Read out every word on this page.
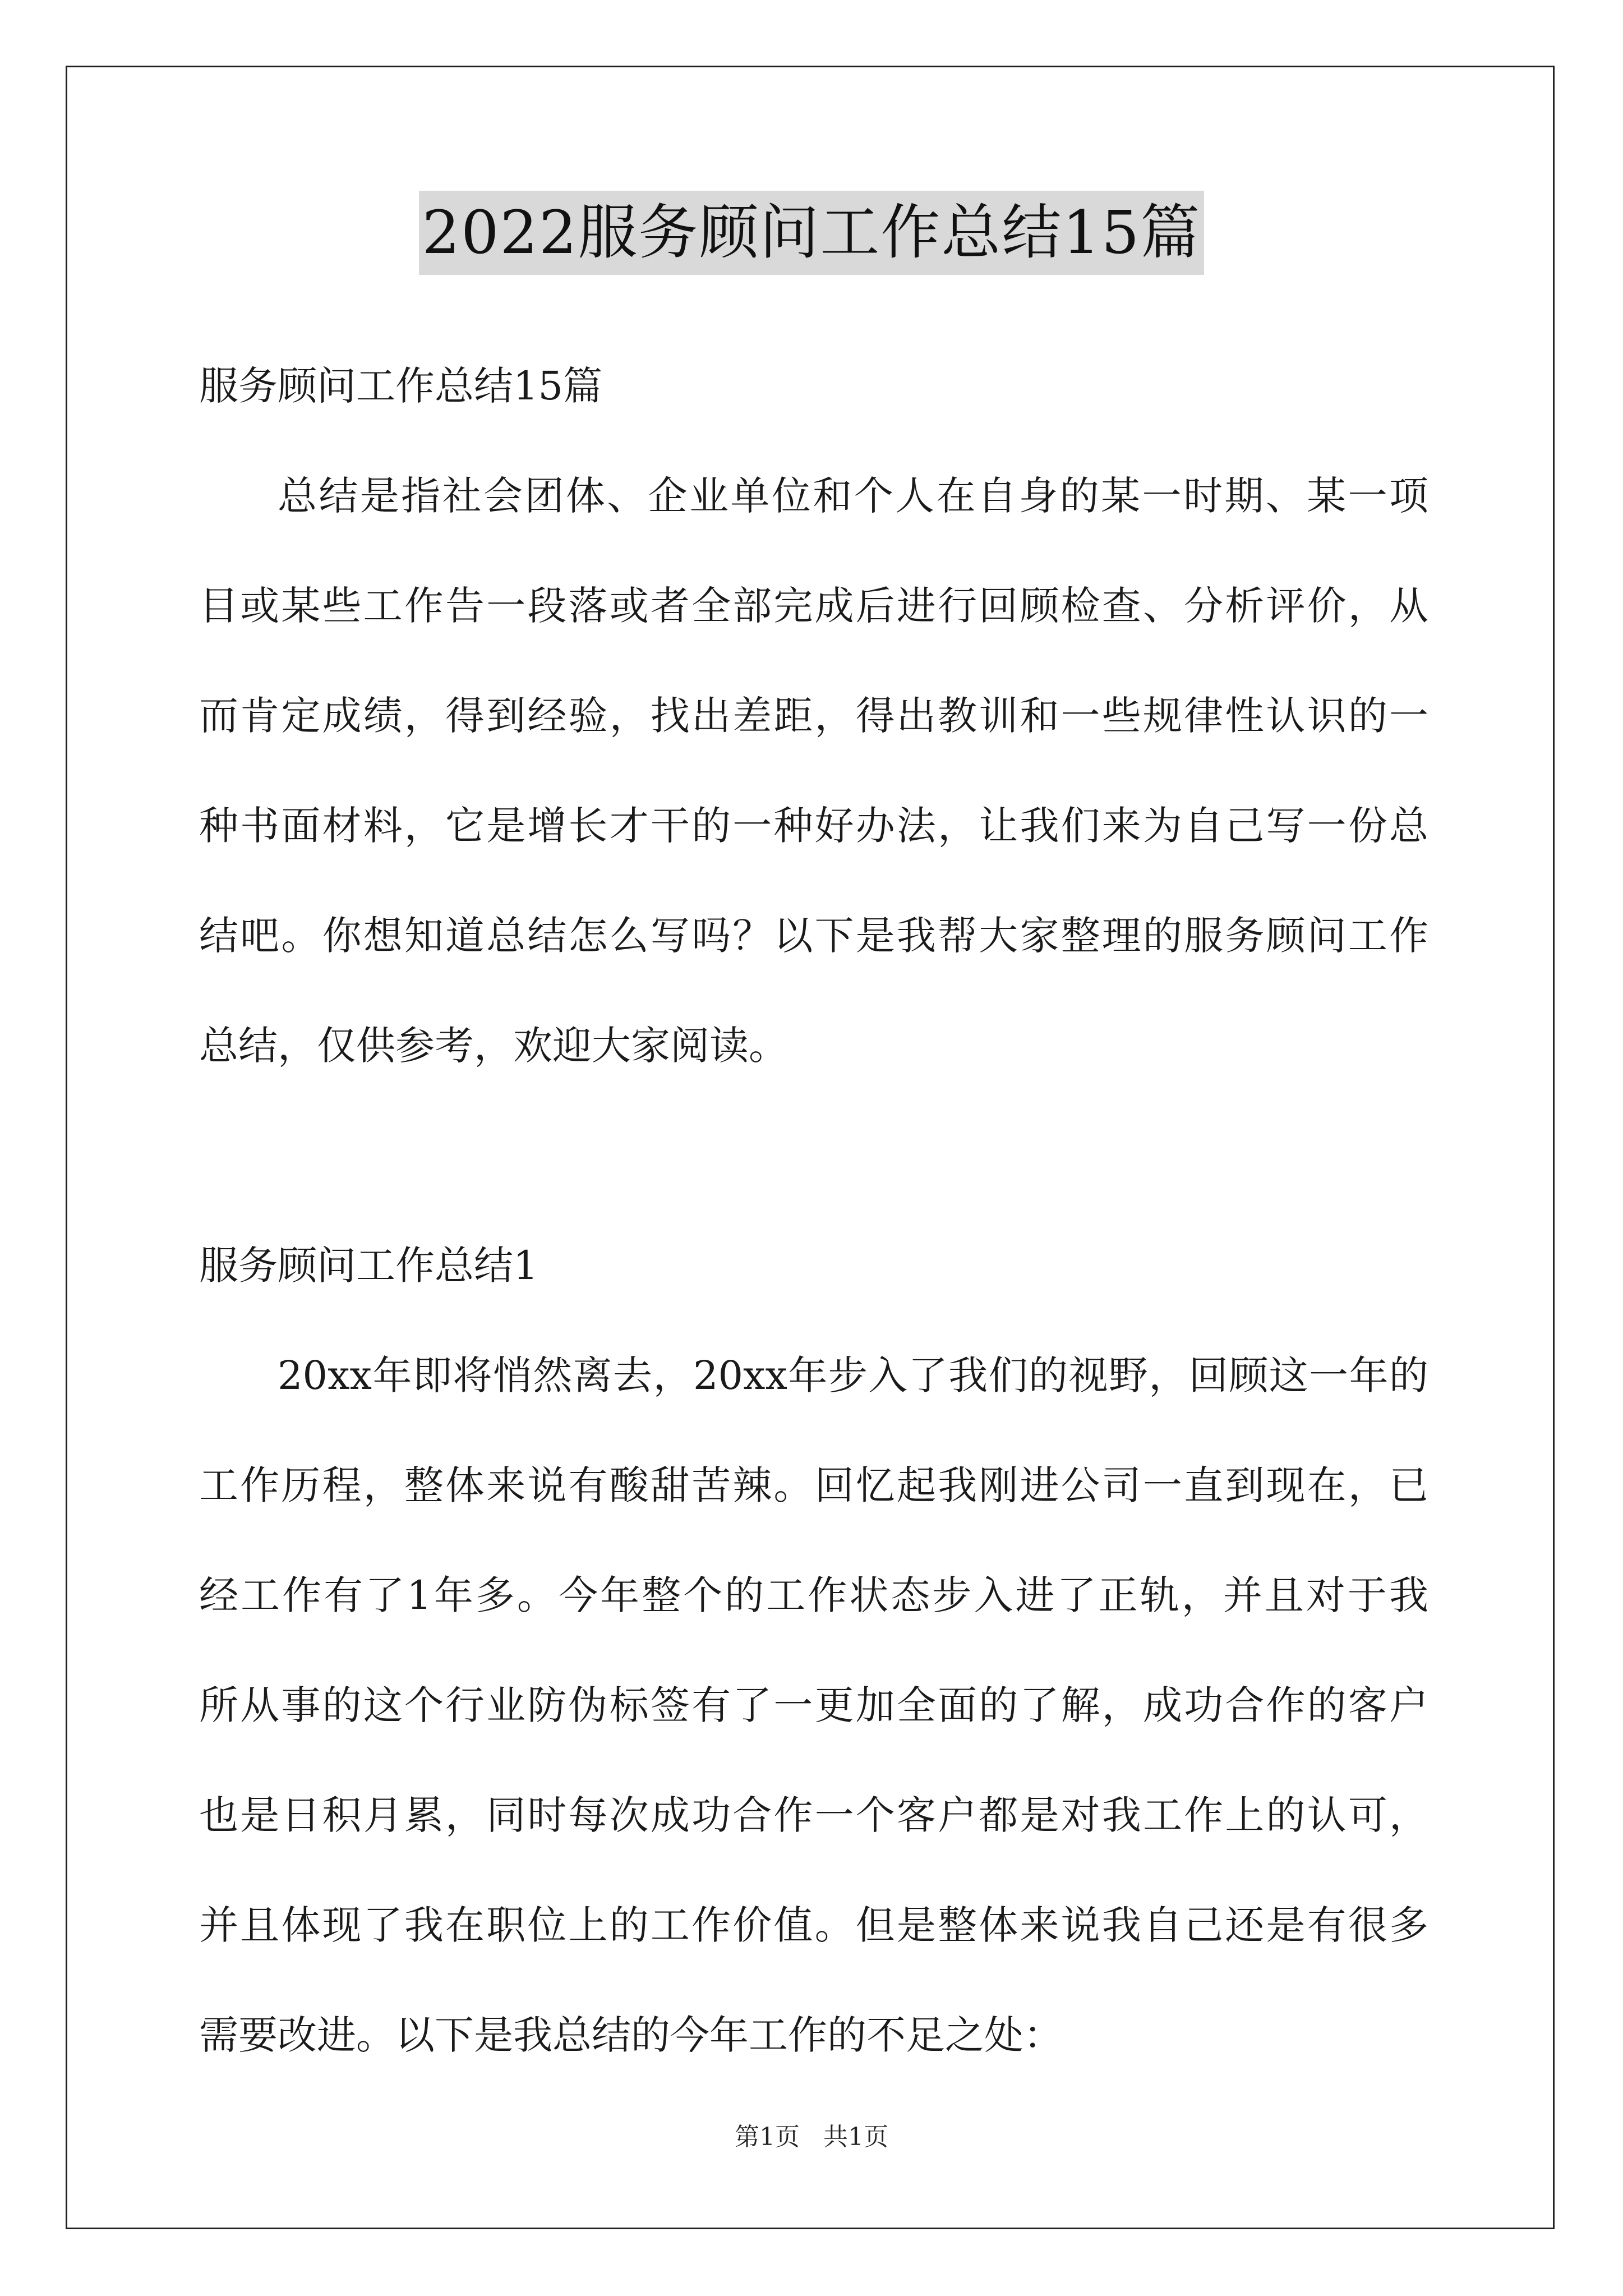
2022服务顾问工作总结15篇
服务顾问工作总结15篇
总结是指社会团体、企业单位和个人在自身的某一时期、某一项
目或某些工作告一段落或者全部完成后进行回顾检查、分析评价，从
而肯定成绩，得到经验，找出差距，得出教训和一些规律性认识的一
种书面材料，它是增长才干的一种好办法，让我们来为自己写一份总
结吧。你想知道总结怎么写吗？以下是我帮大家整理的服务顾问工作
总结，仅供参考，欢迎大家阅读。
服务顾问工作总结1
20xx年即将悄然离去，20xx年步入了我们的视野，回顾这一年的
工作历程，整体来说有酸甜苦辣。回忆起我刚进公司一直到现在，已
经工作有了1年多。今年整个的工作状态步入进了正轨，并且对于我
所从事的这个行业防伪标签有了一更加全面的了解，成功合作的客户
也是日积月累，同时每次成功合作一个客户都是对我工作上的认可，
并且体现了我在职位上的工作价值。但是整体来说我自己还是有很多
需要改进。以下是我总结的今年工作的不足之处：
第1页 共1页
